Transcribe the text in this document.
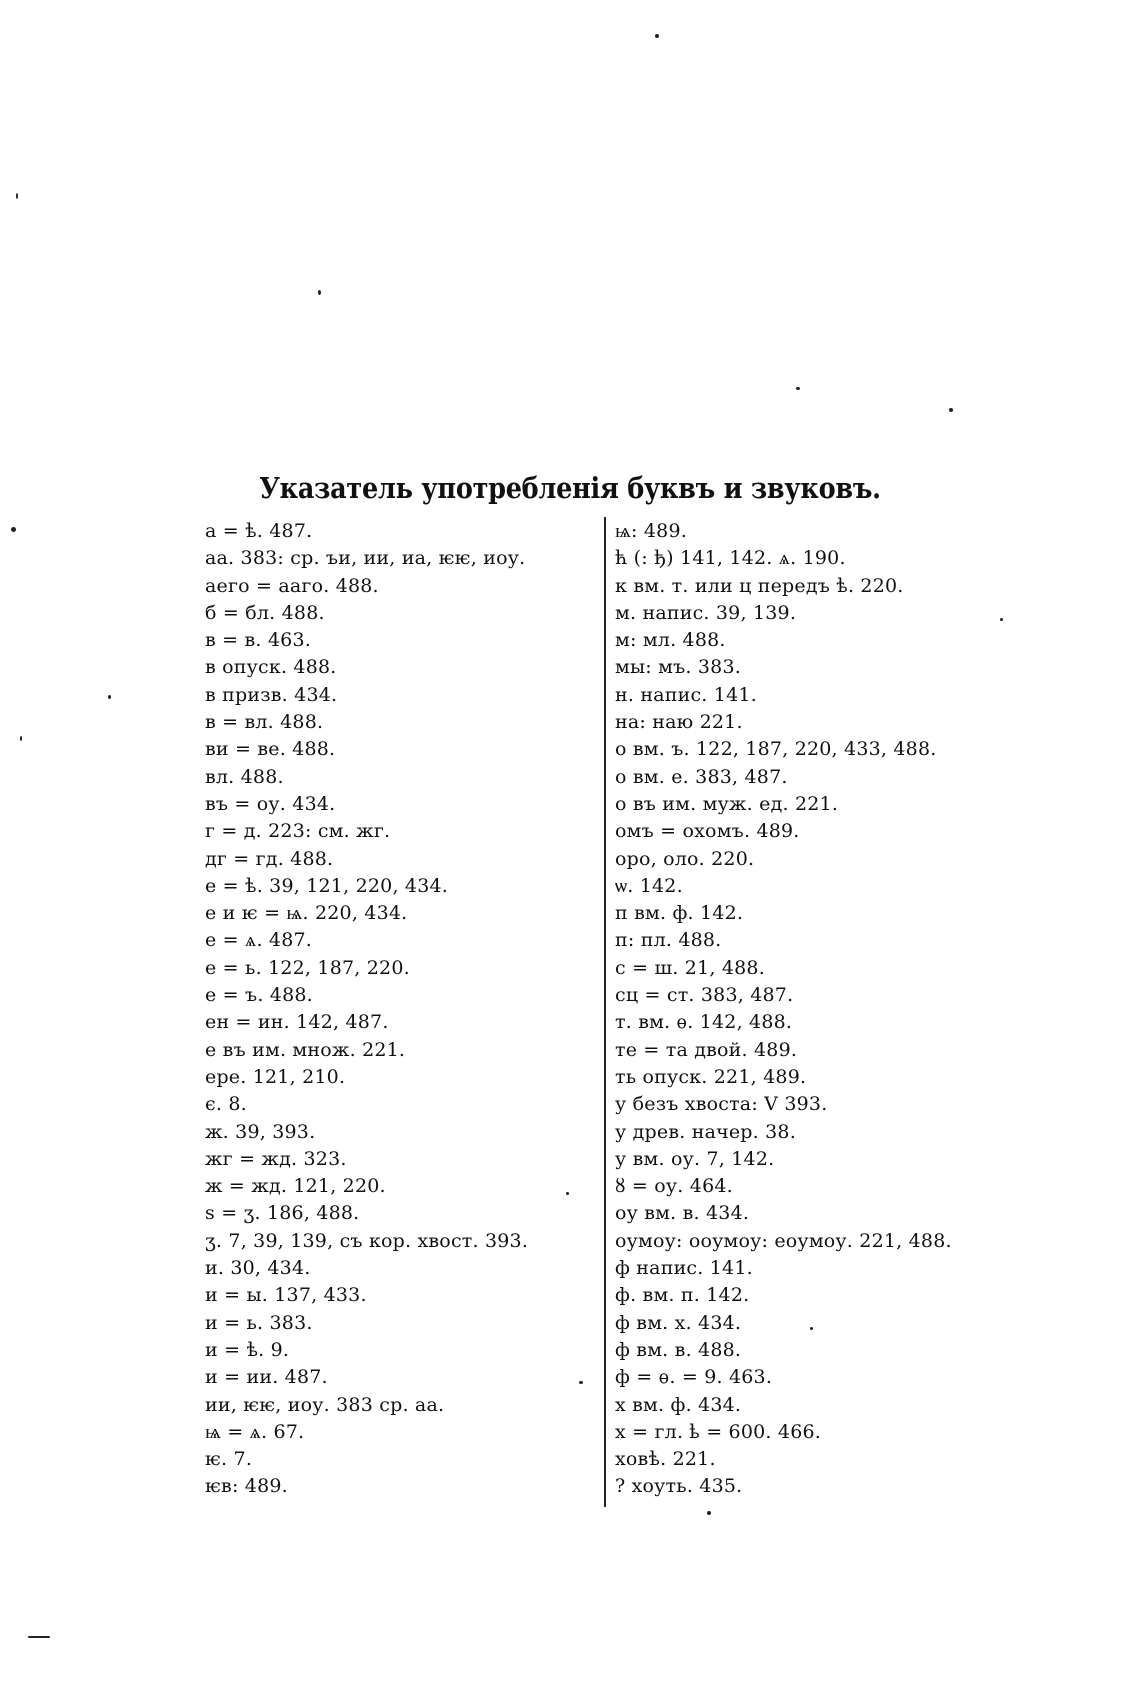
Указатель употребленія буквъ и звуковъ.
а = ѣ. 487.
аа. 383: ср. ъи, ии, иа, ѥѥ, иоу.
аего = ааго. 488.
б = бл. 488.
в = в. 463.
в опуск. 488.
в призв. 434.
в = вл. 488.
ви = ве. 488.
вл. 488.
въ = оу. 434.
г = д. 223: см. жг.
дг = гд. 488.
е = ѣ. 39, 121, 220, 434.
е и ѥ = ѩ. 220, 434.
е = ѧ. 487.
е = ь. 122, 187, 220.
е = ъ. 488.
ен = ин. 142, 487.
е въ им. множ. 221.
ере. 121, 210.
є. 8.
ж. 39, 393.
жг = жд. 323.
ж = жд. 121, 220.
ѕ = ӡ. 186, 488.
ӡ. 7, 39, 139, съ кор. хвост. 393.
и. 30, 434.
и = ы. 137, 433.
и = ь. 383.
и = ѣ. 9.
и = ии. 487.
ии, ѥѥ, иоу. 383 ср. аа.
ѩ = ѧ. 67.
ѥ. 7.
ѥв: 489.
ѩ: 489.
ћ (: ђ) 141, 142. ѧ. 190.
к вм. т. или ц передъ ѣ. 220.
м. напис. 39, 139.
м: мл. 488.
мы: мъ. 383.
н. напис. 141.
на: наю 221.
о вм. ъ. 122, 187, 220, 433, 488.
о вм. е. 383, 487.
о въ им. муж. ед. 221.
омъ = охомъ. 489.
оро, оло. 220.
ѡ. 142.
п вм. ф. 142.
п: пл. 488.
с = ш. 21, 488.
сц = ст. 383, 487.
т. вм. ѳ. 142, 488.
те = та двой. 489.
ть опуск. 221, 489.
у безъ хвоста: V 393.
у древ. начер. 38.
у вм. оу. 7, 142.
ȣ = оу. 464.
оу вм. в. 434.
оумоу: ооумоу: еоумоу. 221, 488.
ф напис. 141.
ф. вм. п. 142.
ф вм. х. 434.
ф вм. в. 488.
ф = ѳ. = 9. 463.
х вм. ф. 434.
х = гл. ҍ = 600. 466.
ховѣ. 221.
? хоуть. 435.
